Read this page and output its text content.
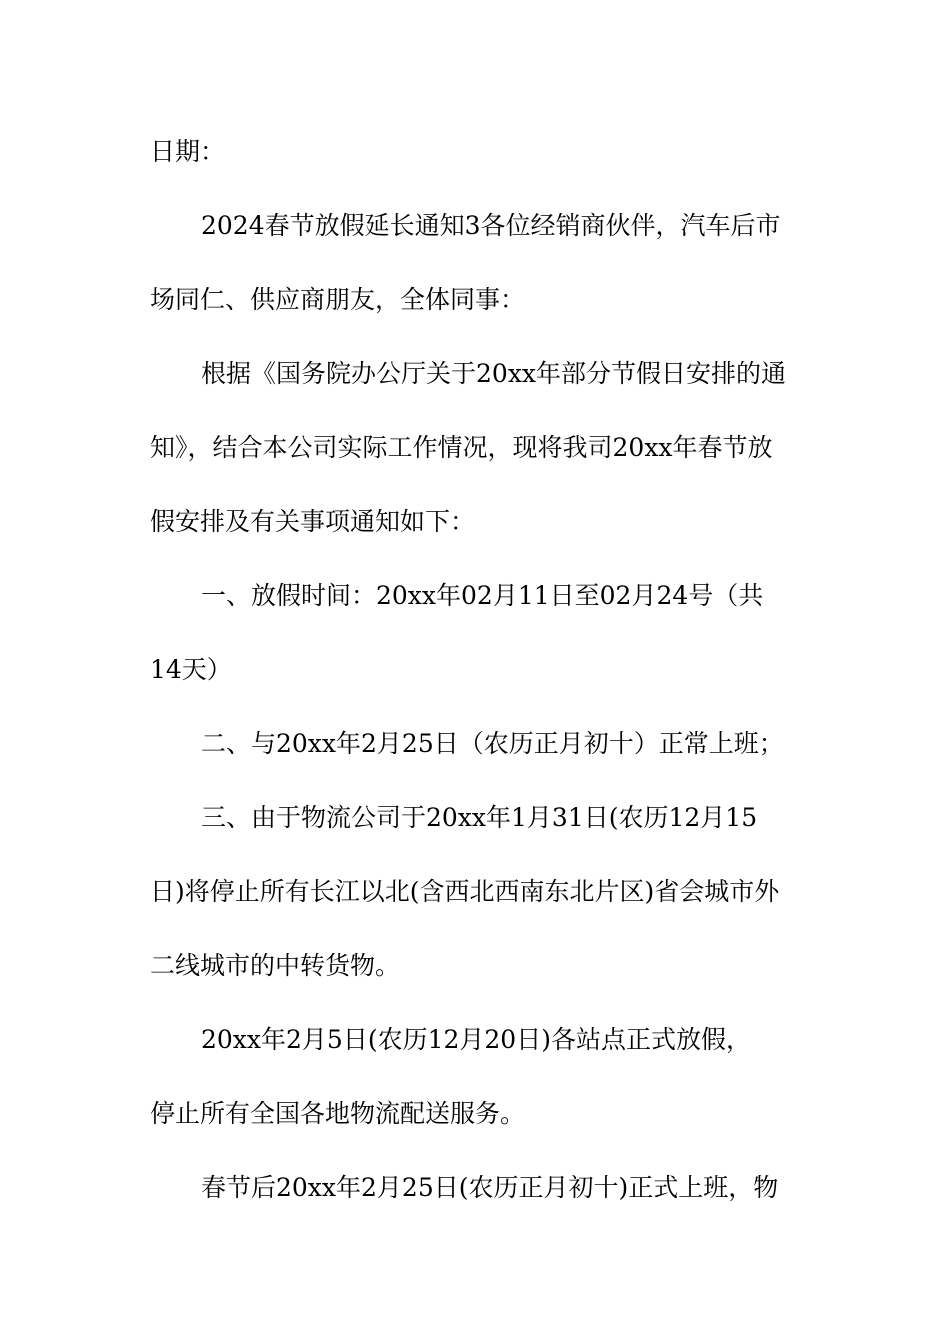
日期：
2024春节放假延长通知3各位经销商伙伴，汽车后市
场同仁、供应商朋友，全体同事：
根据《国务院办公厅关于20xx年部分节假日安排的通
知》，结合本公司实际工作情况，现将我司20xx年春节放
假安排及有关事项通知如下：
一、放假时间：20xx年02月11日至02月24号（共
14天）
二、与20xx年2月25日（农历正月初十）正常上班；
三、由于物流公司于20xx年1月31日(农历12月15
日)将停止所有长江以北(含西北西南东北片区)省会城市外
二线城市的中转货物。
20xx年2月5日(农历12月20日)各站点正式放假，
停止所有全国各地物流配送服务。
春节后20xx年2月25日(农历正月初十)正式上班，物
